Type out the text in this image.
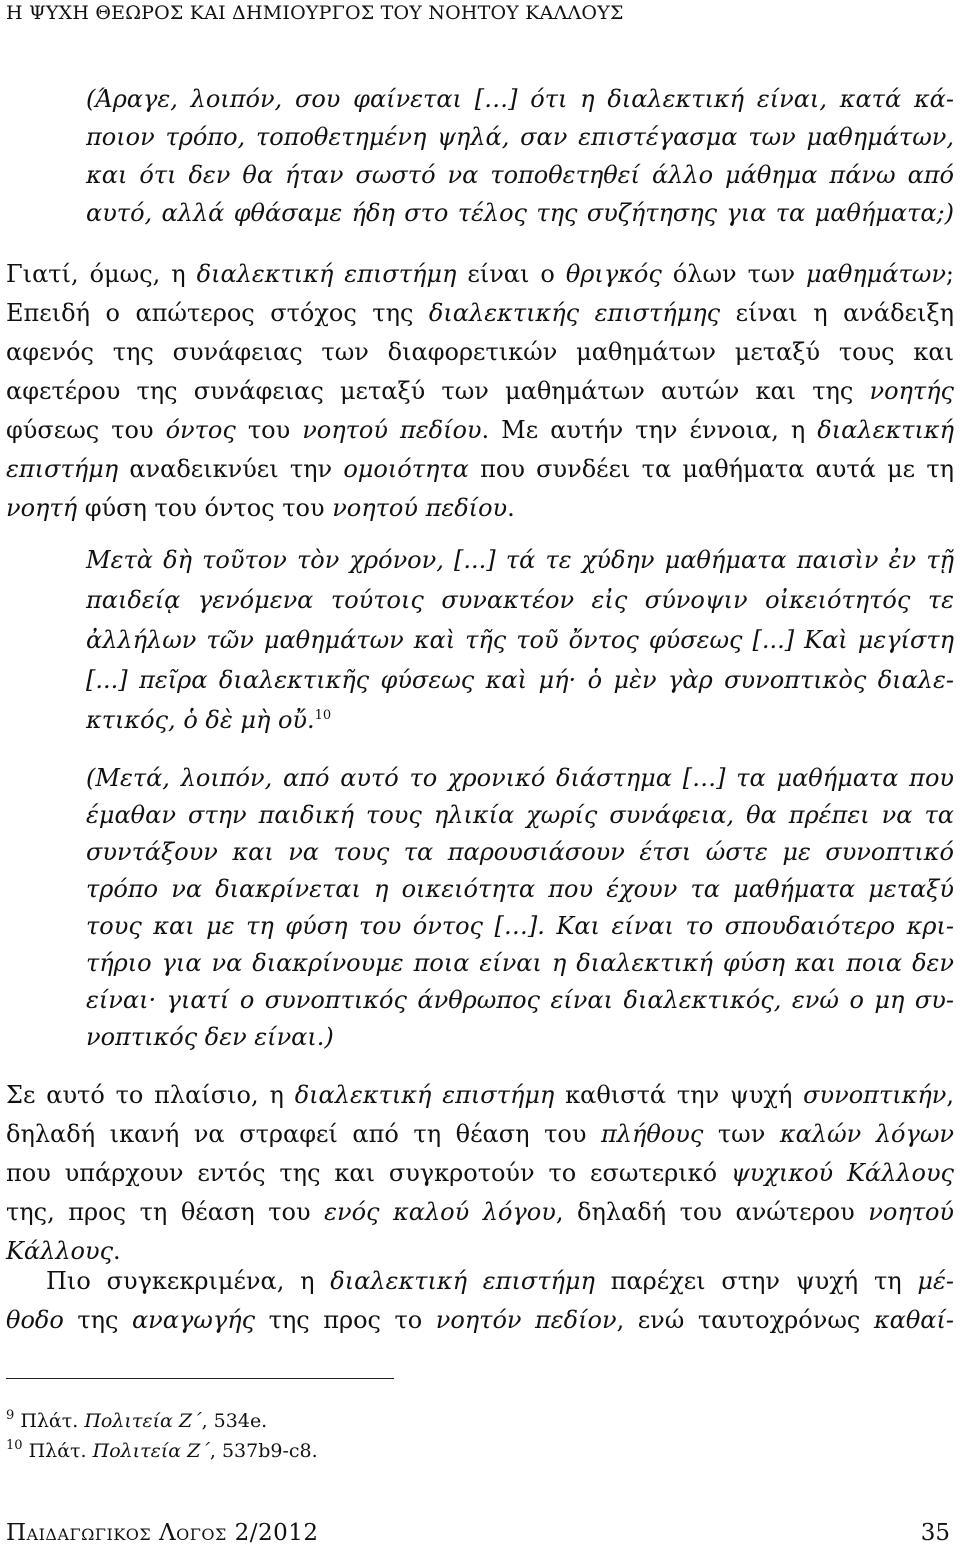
Η ΨΥΧΗ ΘΕΩΡΟΣ ΚΑΙ ΔΗΜΙΟΥΡΓΟΣ ΤΟΥ ΝΟΗΤΟΥ ΚΑΛΛΟΥΣ
(Άραγε, λοιπόν, σου φαίνεται […] ότι η διαλεκτική είναι, κατά κά-
ποιον τρόπο, τοποθετημένη ψηλά, σαν επιστέγασμα των μαθημάτων,
και ότι δεν θα ήταν σωστό να τοποθετηθεί άλλο μάθημα πάνω από
αυτό, αλλά φθάσαμε ήδη στο τέλος της συζήτησης για τα μαθήματα;)
Γιατί, όμως, η διαλεκτική επιστήμη είναι ο θριγκός όλων των μαθημάτων;
Επειδή ο απώτερος στόχος της διαλεκτικής επιστήμης είναι η ανάδειξη
αφενός της συνάφειας των διαφορετικών μαθημάτων μεταξύ τους και
αφετέρου της συνάφειας μεταξύ των μαθημάτων αυτών και της νοητής
φύσεως του όντος του νοητού πεδίου. Με αυτήν την έννοια, η διαλεκτική
επιστήμη αναδεικνύει την ομοιότητα που συνδέει τα μαθήματα αυτά με τη
νοητή φύση του όντος του νοητού πεδίου.
Μετὰ δὴ τοῦτον τὸν χρόνον, [...] τά τε χύδην μαθήματα παισὶν ἐν τῇ
παιδείᾳ γενόμενα τούτοις συνακτέον εἰς σύνοψιν οἰκειότητός τε
ἀλλήλων τῶν μαθημάτων καὶ τῆς τοῦ ὄντος φύσεως [...] Καὶ μεγίστη
[...] πεῖρα διαλεκτικῆς φύσεως καὶ μή· ὁ μὲν γὰρ συνοπτικὸς διαλε-
κτικός, ὁ δὲ μὴ οὔ.$^{10}$
(Μετά, λοιπόν, από αυτό το χρονικό διάστημα […] τα μαθήματα που
έμαθαν στην παιδική τους ηλικία χωρίς συνάφεια, θα πρέπει να τα
συντάξουν και να τους τα παρουσιάσουν έτσι ώστε με συνοπτικό
τρόπο να διακρίνεται η οικειότητα που έχουν τα μαθήματα μεταξύ
τους και με τη φύση του όντος […]. Και είναι το σπουδαιότερο κρι-
τήριο για να διακρίνουμε ποια είναι η διαλεκτική φύση και ποια δεν
είναι· γιατί ο συνοπτικός άνθρωπος είναι διαλεκτικός, ενώ ο μη συ-
νοπτικός δεν είναι.)
Σε αυτό το πλαίσιο, η διαλεκτική επιστήμη καθιστά την ψυχή συνοπτικήν,
δηλαδή ικανή να στραφεί από τη θέαση του πλήθους των καλών λόγων
που υπάρχουν εντός της και συγκροτούν το εσωτερικό ψυχικού Κάλλους
της, προς τη θέαση του ενός καλού λόγου, δηλαδή του ανώτερου νοητού
Κάλλους.
Πιο συγκεκριμένα, η διαλεκτική επιστήμη παρέχει στην ψυχή τη μέ-
θοδο της αναγωγής της προς το νοητόν πεδίον, ενώ ταυτοχρόνως καθαί-
$^9$ Πλάτ. Πολιτεία Ζ΄, 534e.
$^{10}$ Πλάτ. Πολιτεία Ζ΄, 537b9-c8.
Παιδαγωγικος Λογος 2/2012	35
